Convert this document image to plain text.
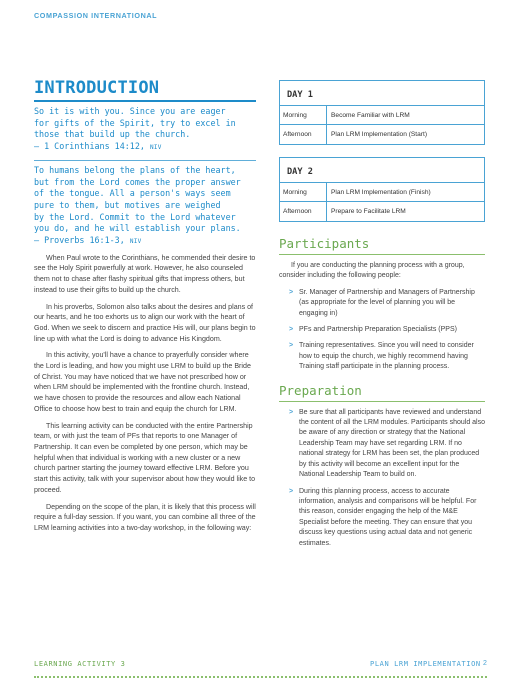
COMPASSION INTERNATIONAL
INTRODUCTION
So it is with you. Since you are eager
for gifts of the Spirit, try to excel in
those that build up the church.
— 1 Corinthians 14:12, NIV
To humans belong the plans of the heart,
but from the Lord comes the proper answer
of the tongue. All a person's ways seem
pure to them, but motives are weighed
by the Lord. Commit to the Lord whatever
you do, and he will establish your plans.
— Proverbs 16:1-3, NIV

When Paul wrote to the Corinthians, he commended their desire to see the Holy Spirit powerfully at work. However, he also counseled them not to chase after flashy spiritual gifts that impress others, but instead to use their gifts to build up the church.

In his proverbs, Solomon also talks about the desires and plans of our hearts, and he too exhorts us to align our work with the heart of God. When we seek to discern and practice His will, our plans begin to line up with what the Lord is doing to advance His Kingdom.

In this activity, you'll have a chance to prayerfully consider where the Lord is leading, and how you might use LRM to build up the Bride of Christ. You may have noticed that we have not prescribed how or when LRM should be implemented with the frontline church. Instead, we have chosen to provide the resources and allow each National Office to choose how best to train and equip the church for LRM.

This learning activity can be conducted with the entire Partnership team, or with just the team of PFs that reports to one Manager of Partnership. It can even be completed by one person, which may be helpful when that individual is working with a new cluster or a new church partner starting the journey toward effective LRM. Before you start this activity, talk with your supervisor about how they would like to proceed.

Depending on the scope of the plan, it is likely that this process will require a full-day session. If you want, you can combine all three of the LRM learning activities into a two-day workshop, in the following way:

DAY 1
Morning	Become Familiar with LRM
Afternoon	Plan LRM Implementation (Start)
DAY 2
Morning	Plan LRM Implementation (Finish)
Afternoon	Prepare to Facilitate LRM
Participants

If you are conducting the planning process with a group, consider including the following people:

> Sr. Manager of Partnership and Managers of Partnership (as appropriate for the level of planning you will be engaging in)
> PFs and Partnership Preparation Specialists (PPS)
> Training representatives. Since you will need to consider how to equip the church, we highly recommend having Training staff participate in the planning process.
Preparation
> Be sure that all participants have reviewed and understand the content of all the LRM modules. Participants should also be aware of any direction or strategy that the National Leadership Team may have set regarding LRM. If no national strategy for LRM has been set, the plan produced by this activity will become an excellent input for the National Leadership Team to build on.
> During this planning process, access to accurate information, analysis and comparisons will be helpful. For this reason, consider engaging the help of the M&E Specialist before the meeting. They can ensure that you discuss key questions using actual data and not generic estimates.
LEARNING ACTIVITY 3	PLAN LRM IMPLEMENTATION 2
